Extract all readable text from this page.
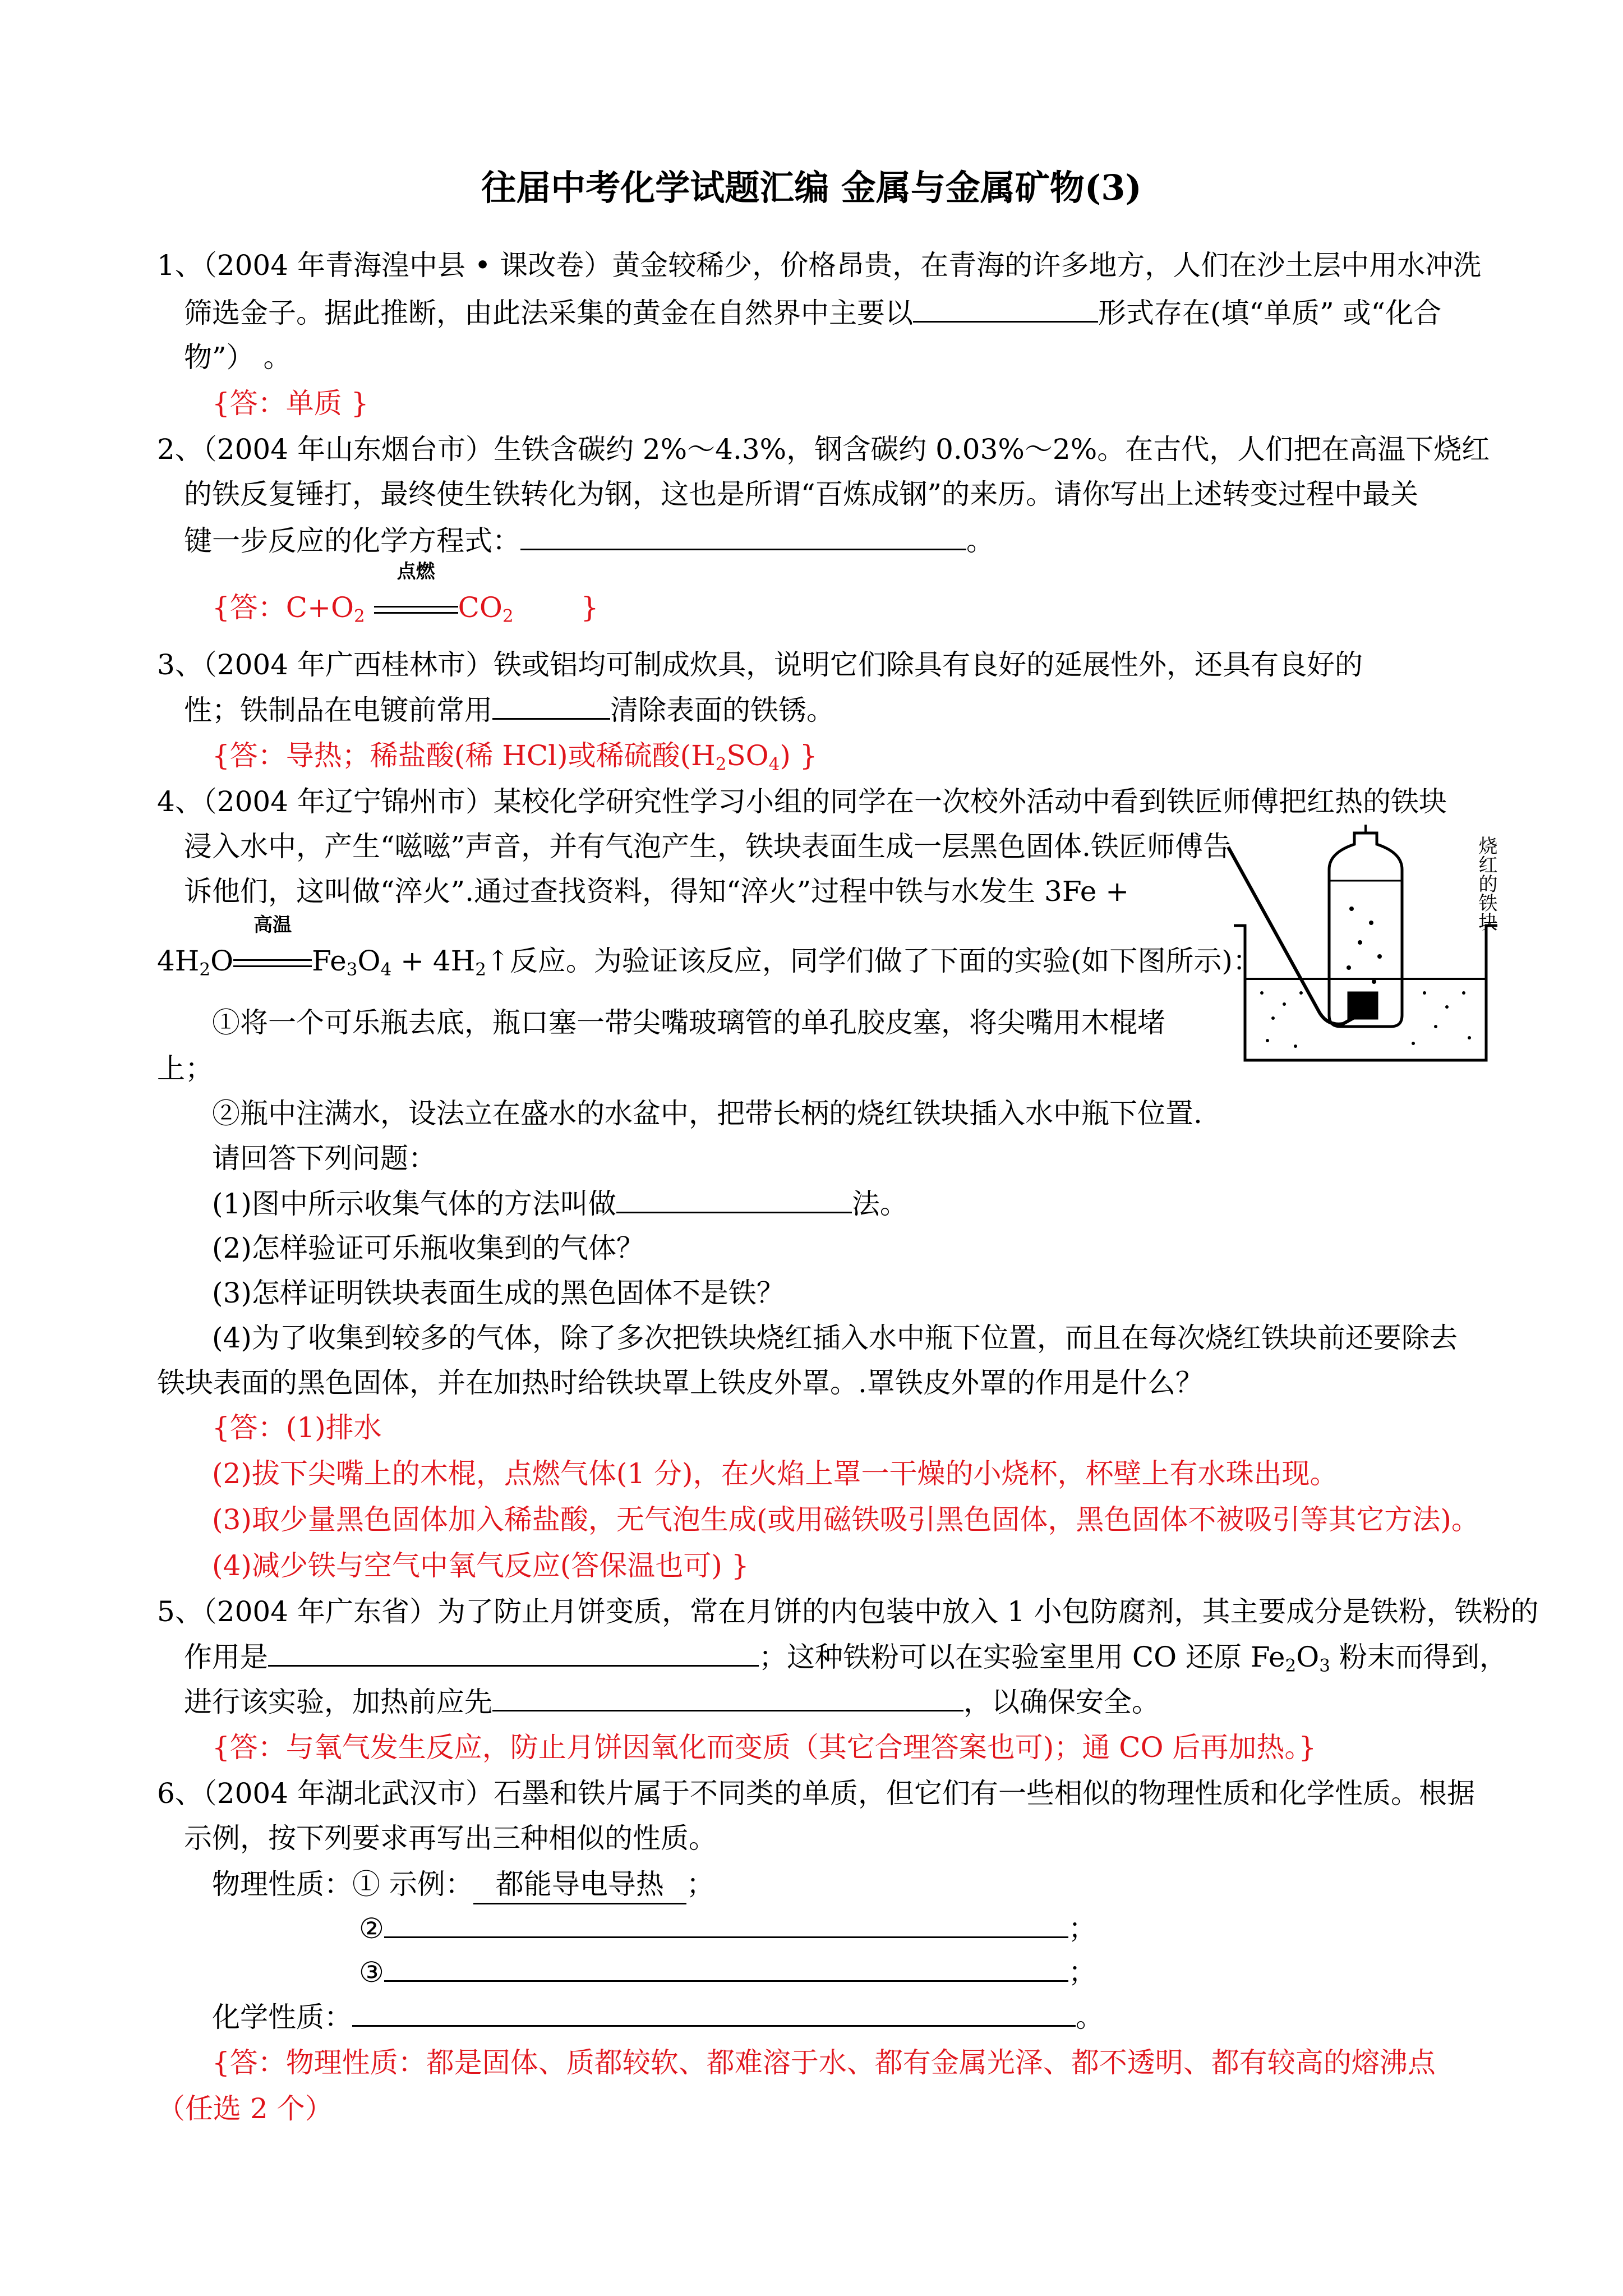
往届中考化学试题汇编 金属与金属矿物(3)
1、（2004 年青海湟中县 • 课改卷）黄金较稀少，价格昂贵，在青海的许多地方，人们在沙土层中用水冲洗
筛选金子。据此推断，由此法采集的黄金在自然界中主要以	形式存在(填“单质” 或“化合
物”） 。
{答：单质 }
2、（2004 年山东烟台市）生铁含碳约 2%～4.3%，钢含碳约 0.03%～2%。在古代，人们把在高温下烧红
的铁反复锤打，最终使生铁转化为钢，这也是所谓“百炼成钢”的来历。请你写出上述转变过程中最关
键一步反应的化学方程式：	。
{答：$C+O_2$
点燃
$CO_2$ }
3、（2004 年广西桂林市）铁或铝均可制成炊具，说明它们除具有良好的延展性外，还具有良好的
性；铁制品在电镀前常用	清除表面的铁锈。
{答：导热；稀盐酸(稀 HCl)或稀硫酸$(H_2SO_4)$ }
4、（2004 年辽宁锦州市）某校化学研究性学习小组的同学在一次校外活动中看到铁匠师傅把红热的铁块
浸入水中，产生“嗞嗞”声音，并有气泡产生，铁块表面生成一层黑色固体.铁匠师傅告
诉他们，这叫做“淬火”.通过查找资料，得知“淬火”过程中铁与水发生 3Fe +
$4H_2O$
高温
$Fe_3O_4$ + $4H_2↑$反应。为验证该反应，同学们做了下面的实验(如下图所示)：
①将一个可乐瓶去底，瓶口塞一带尖嘴玻璃管的单孔胶皮塞，将尖嘴用木棍堵
上；
②瓶中注满水，设法立在盛水的水盆中，把带长柄的烧红铁块插入水中瓶下位置.
请回答下列问题：
(1)图中所示收集气体的方法叫做	法。
(2)怎样验证可乐瓶收集到的气体？
(3)怎样证明铁块表面生成的黑色固体不是铁？
(4)为了收集到较多的气体，除了多次把铁块烧红插入水中瓶下位置，而且在每次烧红铁块前还要除去
铁块表面的黑色固体，并在加热时给铁块罩上铁皮外罩。.罩铁皮外罩的作用是什么？
{答：(1)排水
(2)拔下尖嘴上的木棍，点燃气体(1 分)，在火焰上罩一干燥的小烧杯，杯壁上有水珠出现。
(3)取少量黑色固体加入稀盐酸，无气泡生成(或用磁铁吸引黑色固体，黑色固体不被吸引等其它方法)。
(4)减少铁与空气中氧气反应(答保温也可) }
烧红的铁块
5、（2004 年广东省）为了防止月饼变质，常在月饼的内包装中放入 1 小包防腐剂，其主要成分是铁粉，铁粉的
作用是	；这种铁粉可以在实验室里用 CO 还原 $Fe_2O_3$ 粉末而得到，
进行该实验，加热前应先	，以确保安全。
{答：与氧气发生反应，防止月饼因氧化而变质（其它合理答案也可)；通 CO 后再加热。}
6、（2004 年湖北武汉市）石墨和铁片属于不同类的单质，但它们有一些相似的物理性质和化学性质。根据
示例，按下列要求再写出三种相似的性质。
物理性质：① 示例： 都能导电导热 ；
②	；
③	；
化学性质：	。
{答：物理性质：都是固体、质都较软、都难溶于水、都有金属光泽、都不透明、都有较高的熔沸点
（任选 2 个）
